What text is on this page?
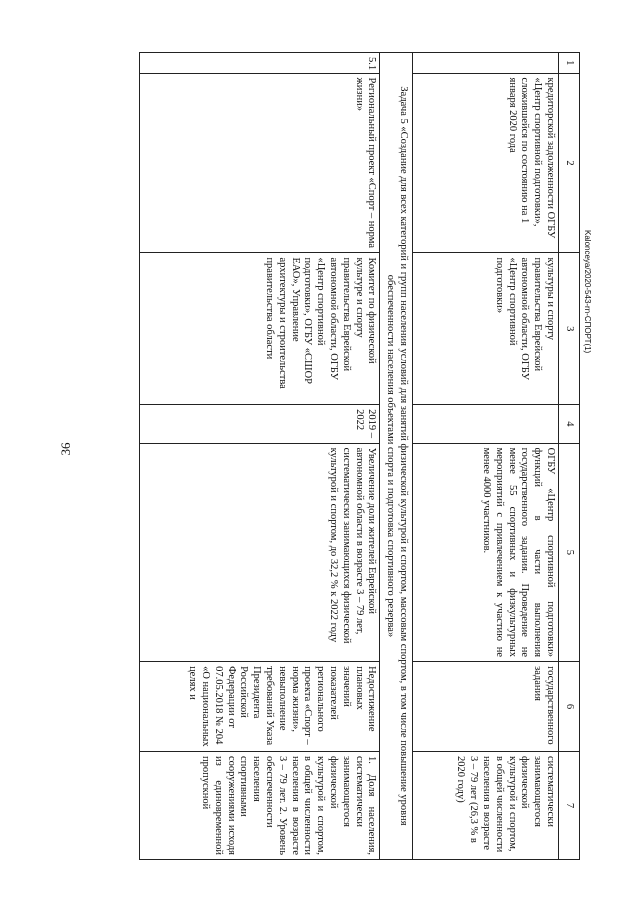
36
1	2	3	4	5	6	7
	кредиторской задолженности ОГБУ «Центр спортивной подготовки», сложившейся по состоянию на 1 января 2020 года	культуры и спорту правительства Еврейской автономной области, ОГБУ «Центр спортивной подготовки»		ОГБУ «Центр спортивной подготовки» функций в части выполнения государственного задания. Проведение не менее 55 спортивных и физкультурных мероприятий с привлечением к участию не менее 4000 участников.	государственного задания	систематически занимающегося физической культурой и спортом, в общей численности населения в возрасте 3 – 79 лет (26,3 % в 2020 году)
Задача 5 «Создание для всех категорий и групп населения условий для занятий физической культурой и спортом, массовым спортом, в том числе повышение уровня обеспеченности населения объектами спорта и подготовка спортивного резерва»						
5.1	Региональный проект «Спорт – норма жизни»	Комитет по физической культуре и спорту правительства Еврейской автономной области, ОГБУ «Центр спортивной подготовки», ОГБУ «СШОР ЕАО», Управление архитектуры и строительства правительства области	2019 – 2022	Увеличение доли жителей Еврейской автономной области в возрасте 3 – 79 лет, систематически занимающихся физической культурой и спортом, до 32,2 % к 2022 году	Недостижение плановых значений показателей регионального проекта «Спорт – норма жизни», невыполнение требований Указа Президента Российской Федерации от 07.05.2018 № 204 «О национальных целях и	1. Доля населения, систематически занимающегося физической культурой и спортом, в общей численности населения в возрасте 3 – 79 лет. 2. Уровень обеспеченности населения спортивными сооружениями исходя из единовременной пропускной
Kalonceya/2020-543-rn-CПОРТ(1)
